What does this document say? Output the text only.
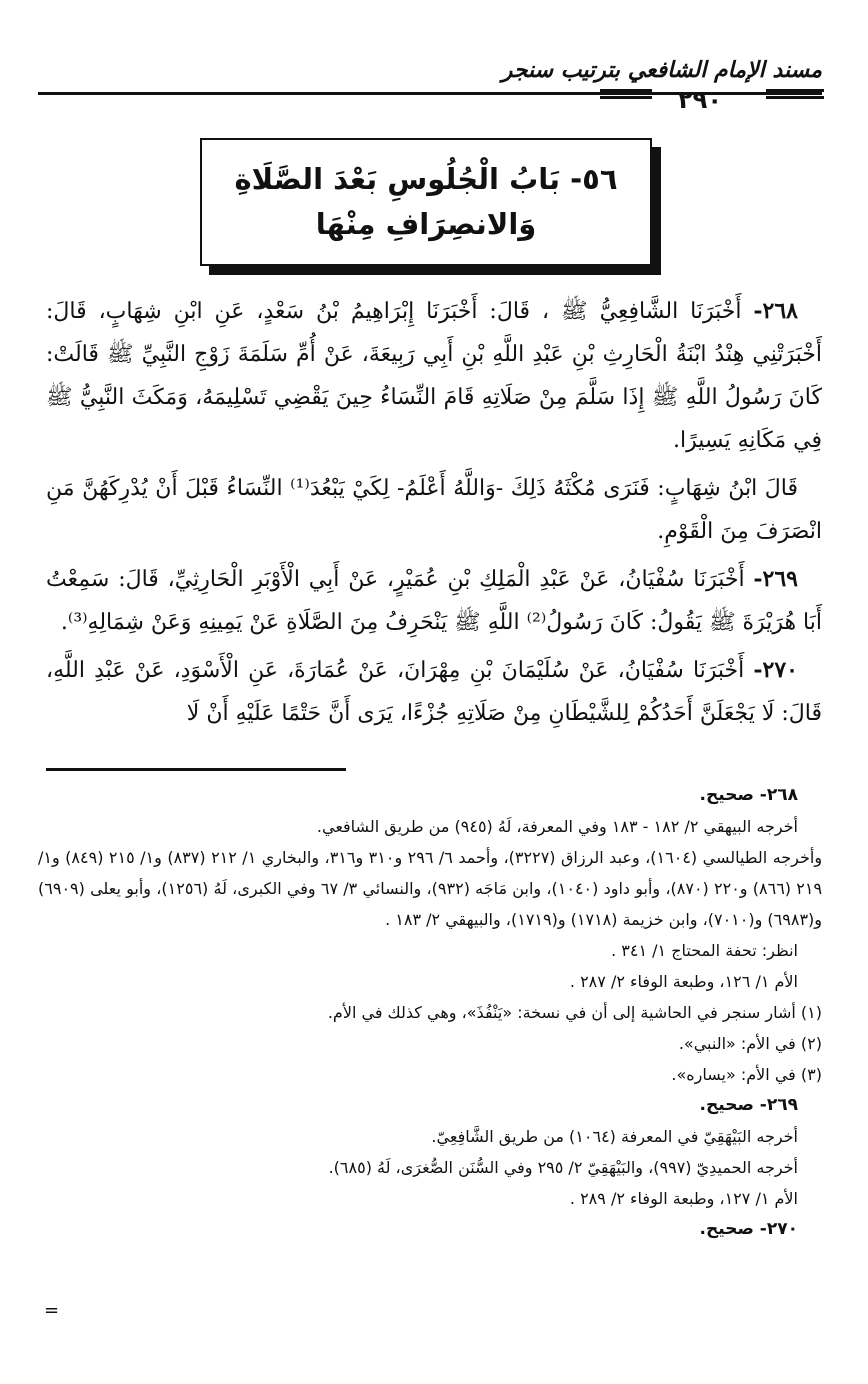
مسند الإمام الشافعي بترتيب سنجر
٢٩٠
٥٦- بَابُ الْجُلُوسِ بَعْدَ الصَّلَاةِ
وَالانصِرَافِ مِنْهَا

٢٦٨- أَخْبَرَنَا الشَّافِعِيُّ ﷺ ، قَالَ: أَخْبَرَنَا إِبْرَاهِيمُ بْنُ سَعْدٍ، عَنِ ابْنِ شِهَابٍ، قَالَ: أَخْبَرَتْنِي هِنْدُ ابْنَةُ الْحَارِثِ بْنِ عَبْدِ اللَّهِ بْنِ أَبِي رَبِيعَةَ، عَنْ أُمِّ سَلَمَةَ زَوْجِ النَّبِيِّ ﷺ قَالَتْ: كَانَ رَسُولُ اللَّهِ ﷺ إِذَا سَلَّمَ مِنْ صَلَاتِهِ قَامَ النِّسَاءُ حِينَ يَقْضِي تَسْلِيمَهُ، وَمَكَثَ النَّبِيُّ ﷺ فِي مَكَانِهِ يَسِيرًا.

قَالَ ابْنُ شِهَابٍ: فَنَرَى مُكْثَهُ ذَلِكَ -وَاللَّهُ أَعْلَمُ- لِكَيْ يَبْعُدَ⁽¹⁾ النِّسَاءُ قَبْلَ أَنْ يُدْرِكَهُنَّ مَنِ انْصَرَفَ مِنَ الْقَوْمِ.

٢٦٩- أَخْبَرَنَا سُفْيَانُ، عَنْ عَبْدِ الْمَلِكِ بْنِ عُمَيْرٍ، عَنْ أَبِي الْأَوْبَرِ الْحَارِثِيِّ، قَالَ: سَمِعْتُ أَبَا هُرَيْرَةَ ﷺ يَقُولُ: كَانَ رَسُولُ⁽²⁾ اللَّهِ ﷺ يَنْحَرِفُ مِنَ الصَّلَاةِ عَنْ يَمِينِهِ وَعَنْ شِمَالِهِ⁽³⁾.

٢٧٠- أَخْبَرَنَا سُفْيَانُ، عَنْ سُلَيْمَانَ بْنِ مِهْرَانَ، عَنْ عُمَارَةَ، عَنِ الْأَسْوَدِ، عَنْ عَبْدِ اللَّهِ، قَالَ: لَا يَجْعَلَنَّ أَحَدُكُمْ لِلشَّيْطَانِ مِنْ صَلَاتِهِ جُزْءًا، يَرَى أَنَّ حَتْمًا عَلَيْهِ أَنْ لَا

٢٦٨- صحيح.

أخرجه البيهقي ٢/ ١٨٢ - ١٨٣ وفي المعرفة، لَهُ (٩٤٥) من طريق الشافعي.

وأخرجه الطيالسي (١٦٠٤)، وعبد الرزاق (٣٢٢٧)، وأحمد ٦/ ٢٩٦ و٣١٠ و٣١٦، والبخاري ١/ ٢١٢ (٨٣٧) و١/ ٢١٥ (٨٤٩) و١/ ٢١٩ (٨٦٦) و٢٢٠ (٨٧٠)، وأبو داود (١٠٤٠)، وابن مَاجَه (٩٣٢)، والنسائي ٣/ ٦٧ وفي الكبرى، لَهُ (١٢٥٦)، وأبو يعلى (٦٩٠٩) و(٦٩٨٣) و(٧٠١٠)، وابن خزيمة (١٧١٨) و(١٧١٩)، والبيهقي ٢/ ١٨٣ .

انظر: تحفة المحتاج ١/ ٣٤١ .

الأم ١/ ١٢٦، وطبعة الوفاء ٢/ ٢٨٧ .

(١) أشار سنجر في الحاشية إلى أن في نسخة: «يَنْفُذَ»، وهي كذلك في الأم.

(٢) في الأم: «النبي».

(٣) في الأم: «يساره».

٢٦٩- صحيح.

أخرجه البَيْهَقِيّ في المعرفة (١٠٦٤) من طريق الشَّافِعِيّ.

أخرجه الحميدِيّ (٩٩٧)، والبَيْهَقِيّ ٢/ ٢٩٥ وفي السُّنَن الصُّغرَى، لَهُ (٦٨٥).

الأم ١/ ١٢٧، وطبعة الوفاء ٢/ ٢٨٩ .

٢٧٠- صحيح.

=
